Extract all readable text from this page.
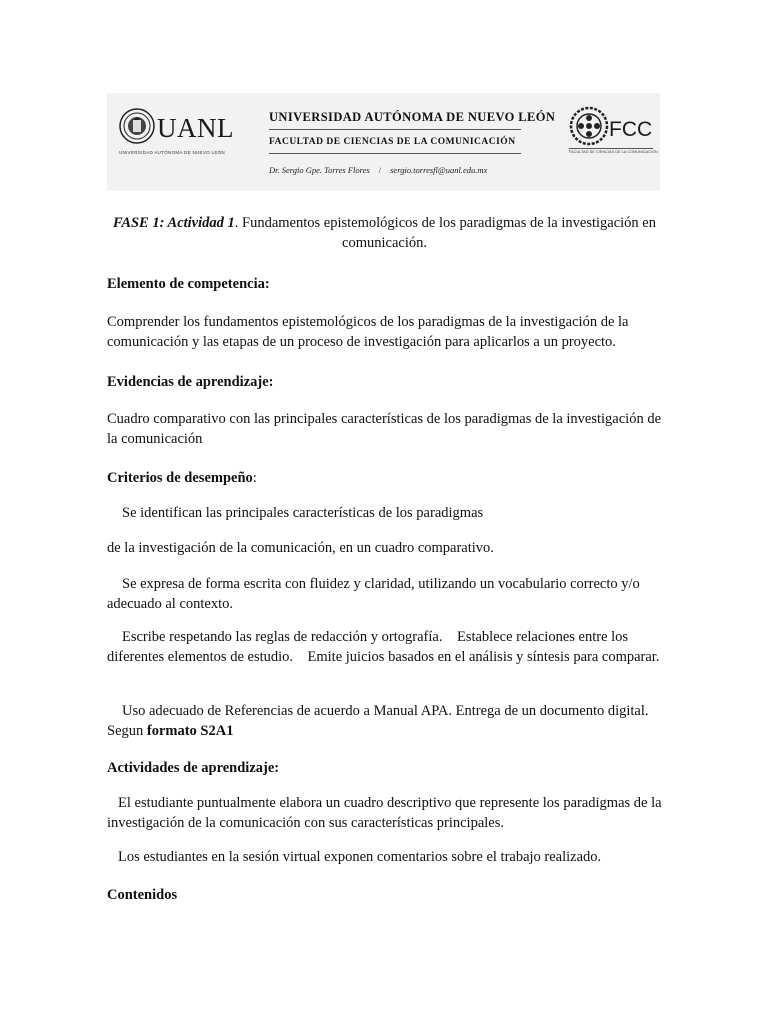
UANL
UNIVERSIDAD AUTÓNOMA DE NUEVO LEÓN
UNIVERSIDAD AUTÓNOMA DE NUEVO LEÓN
FACULTAD DE CIENCIAS DE LA COMUNICACIÓN
Dr. Sergio Gpe. Torres Flores / sergio.torresfl@uanl.edu.mx
FCC
FACULTAD DE CIENCIAS DE LA COMUNICACIÓN
FASE 1: Actividad 1. Fundamentos epistemológicos de los paradigmas de la investigación en comunicación.
Elemento de competencia:
Comprender los fundamentos epistemológicos de los paradigmas de la investigación de la comunicación y las etapas de un proceso de investigación para aplicarlos a un proyecto.
Evidencias de aprendizaje:
Cuadro comparativo con las principales características de los paradigmas de la investigación de la comunicación
Criterios de desempeño:
Se identifican las principales características de los paradigmas
de la investigación de la comunicación, en un cuadro comparativo.
Se expresa de forma escrita con fluidez y claridad, utilizando un vocabulario correcto y/o adecuado al contexto.
Escribe respetando las reglas de redacción y ortografía.    Establece relaciones entre los diferentes elementos de estudio.    Emite juicios basados en el análisis y síntesis para comparar.
Uso adecuado de Referencias de acuerdo a Manual APA. Entrega de un documento digital. Segun formato S2A1
Actividades de aprendizaje:
El estudiante puntualmente elabora un cuadro descriptivo que represente los paradigmas de la investigación de la comunicación con sus características principales.
Los estudiantes en la sesión virtual exponen comentarios sobre el trabajo realizado.
Contenidos
